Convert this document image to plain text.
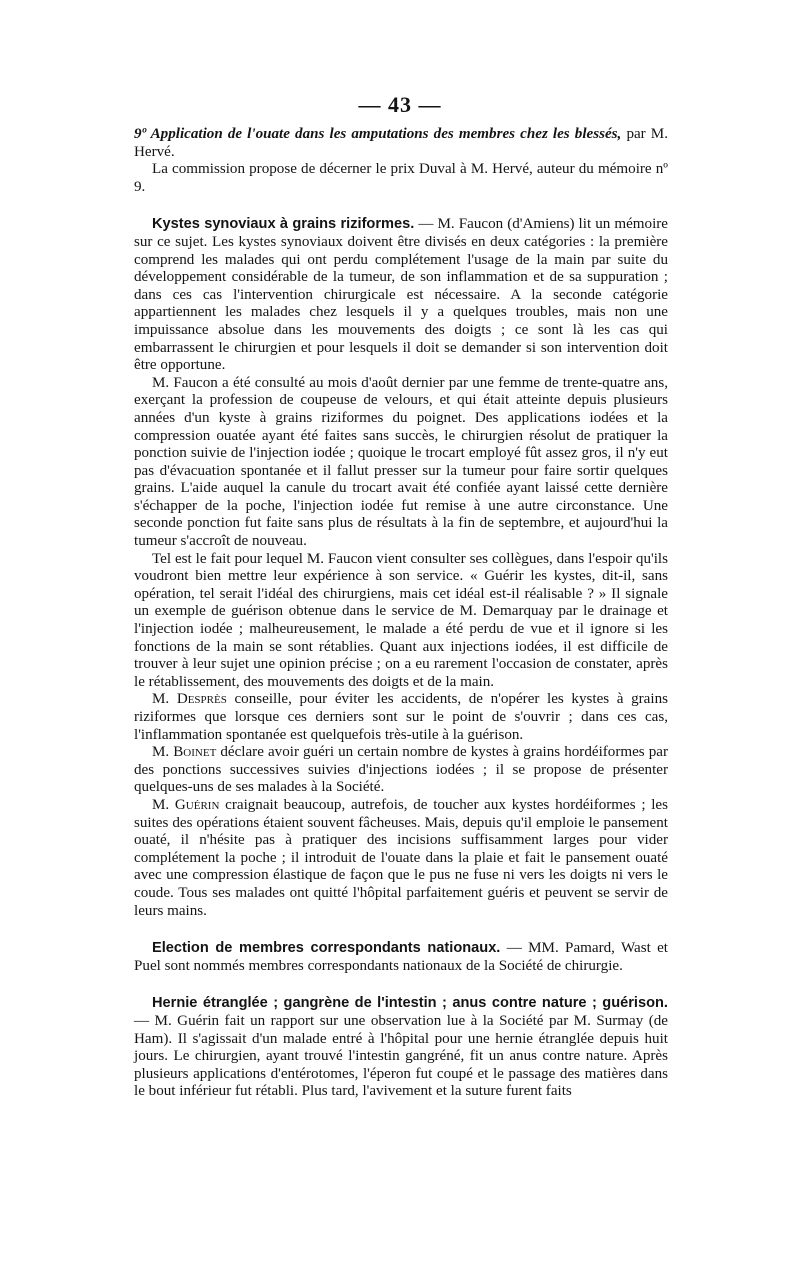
— 43 —

9º Application de l'ouate dans les amputations des membres chez les blessés, par M. Hervé.

La commission propose de décerner le prix Duval à M. Hervé, auteur du mémoire nº 9.

Kystes synoviaux à grains riziformes. — M. Faucon (d'Amiens) lit un mémoire sur ce sujet. Les kystes synoviaux doivent être divisés en deux catégories : la première comprend les malades qui ont perdu complétement l'usage de la main par suite du développement considérable de la tumeur, de son inflammation et de sa suppuration ; dans ces cas l'intervention chirurgicale est nécessaire. A la seconde catégorie appartiennent les malades chez lesquels il y a quelques troubles, mais non une impuissance absolue dans les mouvements des doigts ; ce sont là les cas qui embarrassent le chirurgien et pour lesquels il doit se demander si son intervention doit être opportune.

M. Faucon a été consulté au mois d'août dernier par une femme de trente-quatre ans, exerçant la profession de coupeuse de velours, et qui était atteinte depuis plusieurs années d'un kyste à grains riziformes du poignet. Des applications iodées et la compression ouatée ayant été faites sans succès, le chirurgien résolut de pratiquer la ponction suivie de l'injection iodée ; quoique le trocart employé fût assez gros, il n'y eut pas d'évacuation spontanée et il fallut presser sur la tumeur pour faire sortir quelques grains. L'aide auquel la canule du trocart avait été confiée ayant laissé cette dernière s'échapper de la poche, l'injection iodée fut remise à une autre circonstance. Une seconde ponction fut faite sans plus de résultats à la fin de septembre, et aujourd'hui la tumeur s'accroît de nouveau.

Tel est le fait pour lequel M. Faucon vient consulter ses collègues, dans l'espoir qu'ils voudront bien mettre leur expérience à son service. « Guérir les kystes, dit-il, sans opération, tel serait l'idéal des chirurgiens, mais cet idéal est-il réalisable ? » Il signale un exemple de guérison obtenue dans le service de M. Demarquay par le drainage et l'injection iodée ; malheureusement, le malade a été perdu de vue et il ignore si les fonctions de la main se sont rétablies. Quant aux injections iodées, il est difficile de trouver à leur sujet une opinion précise ; on a eu rarement l'occasion de constater, après le rétablissement, des mouvements des doigts et de la main.

M. Desprès conseille, pour éviter les accidents, de n'opérer les kystes à grains riziformes que lorsque ces derniers sont sur le point de s'ouvrir ; dans ces cas, l'inflammation spontanée est quelquefois très-utile à la guérison.

M. Boinet déclare avoir guéri un certain nombre de kystes à grains hordéiformes par des ponctions successives suivies d'injections iodées ; il se propose de présenter quelques-uns de ses malades à la Société.

M. Guérin craignait beaucoup, autrefois, de toucher aux kystes hordéiformes ; les suites des opérations étaient souvent fâcheuses. Mais, depuis qu'il emploie le pansement ouaté, il n'hésite pas à pratiquer des incisions suffisamment larges pour vider complétement la poche ; il introduit de l'ouate dans la plaie et fait le pansement ouaté avec une compression élastique de façon que le pus ne fuse ni vers les doigts ni vers le coude. Tous ses malades ont quitté l'hôpital parfaitement guéris et peuvent se servir de leurs mains.

Election de membres correspondants nationaux. — MM. Pamard, Wast et Puel sont nommés membres correspondants nationaux de la Société de chirurgie.

Hernie étranglée ; gangrène de l'intestin ; anus contre nature ; guérison. — M. Guérin fait un rapport sur une observation lue à la Société par M. Surmay (de Ham). Il s'agissait d'un malade entré à l'hôpital pour une hernie étranglée depuis huit jours. Le chirurgien, ayant trouvé l'intestin gangréné, fit un anus contre nature. Après plusieurs applications d'entérotomes, l'éperon fut coupé et le passage des matières dans le bout inférieur fut rétabli. Plus tard, l'avivement et la suture furent faits
